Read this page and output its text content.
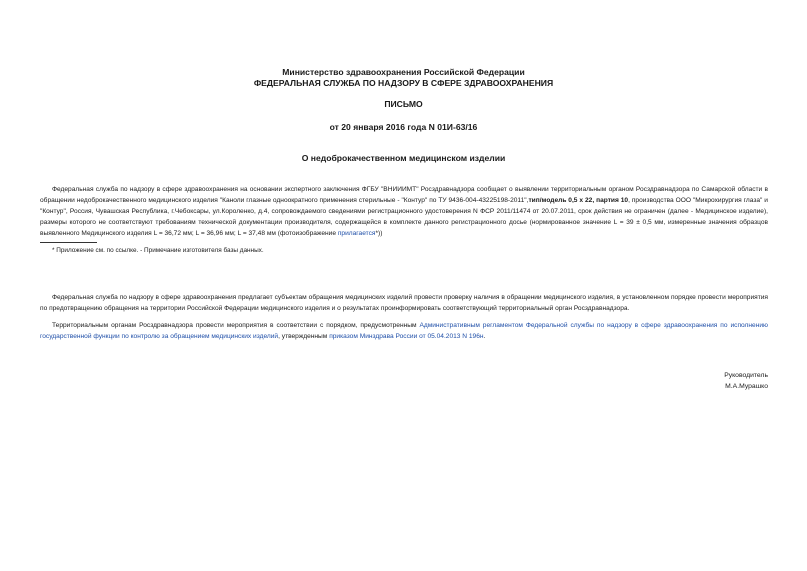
Министерство здравоохранения Российской Федерации
ФЕДЕРАЛЬНАЯ СЛУЖБА ПО НАДЗОРУ В СФЕРЕ ЗДРАВООХРАНЕНИЯ
ПИСЬМО
от 20 января 2016 года N 01И-63/16
О недоброкачественном медицинском изделии

Федеральная служба по надзору в сфере здравоохранения на основании экспертного заключения ФГБУ "ВНИИИМТ" Росздравнадзора сообщает о выявлении территориальным органом Росздравнадзора по Самарской области в обращении недоброкачественного медицинского изделия "Каноли глазные одноократного применения стерильные - "Контур" по ТУ 9436-004-43225198-2011",тип/модель 0,5 х 22, партия 10, производства ООО "Микрохирургия глаза" и "Контур", Россия, Чувашская Республика, г.Чебоксары, ул.Короленко, д.4, сопровождаемого сведениями регистрационного удостоверения N ФСР 2011/11474 от 20.07.2011, срок действия не ограничен (далее - Медицинское изделие), размеры которого не соответствуют требованиям технической документации производителя, содержащейся в комплекте данного регистрационного досье (нормированное значение L = 39 ± 0,5 мм, измеренные значения образцов выявленного Медицинского изделия L = 36,72 мм; L = 36,96 мм; L = 37,48 мм (фотоизображение прилагается*))

* Приложение см. по ссылке. - Примечание изготовителя базы данных.

Федеральная служба по надзору в сфере здравоохранения предлагает субъектам обращения медицинских изделий провести проверку наличия в обращении медицинского изделия, в установленном порядке провести мероприятия по предотвращению обращения на территории Российской Федерации медицинского изделия и о результатах проинформировать соответствующий территориальный орган Росздравнадзора.

Территориальным органам Росздравнадзора провести мероприятия в соответствии с порядком, предусмотренным Административным регламентом Федеральной службы по надзору в сфере здравоохранения по исполнению государственной функции по контролю за обращением медицинских изделий, утвержденным приказом Минздрава России от 05.04.2013 N 196н.

Руководитель
М.А.Мурашко
